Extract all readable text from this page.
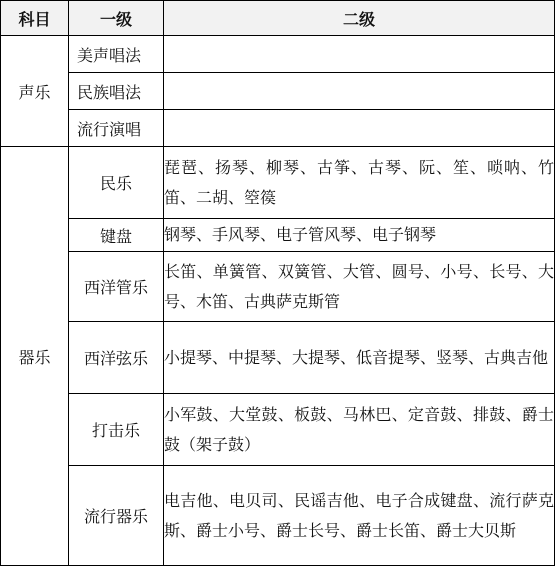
科目	一级	二级
声乐	美声唱法	
	民族唱法	
	流行演唱	
器乐	民乐	琵琶、扬琴、柳琴、古筝、古琴、阮、笙、唢呐、竹笛、二胡、箜篌
	键盘	钢琴、手风琴、电子管风琴、电子钢琴
	西洋管乐	长笛、单簧管、双簧管、大管、圆号、小号、长号、大号、木笛、古典萨克斯管
	西洋弦乐	小提琴、中提琴、大提琴、低音提琴、竖琴、古典吉他
	打击乐	小军鼓、大堂鼓、板鼓、马林巴、定音鼓、排鼓、爵士鼓（架子鼓）
	流行器乐	电吉他、电贝司、民谣吉他、电子合成键盘、流行萨克斯、爵士小号、爵士长号、爵士长笛、爵士大贝斯
